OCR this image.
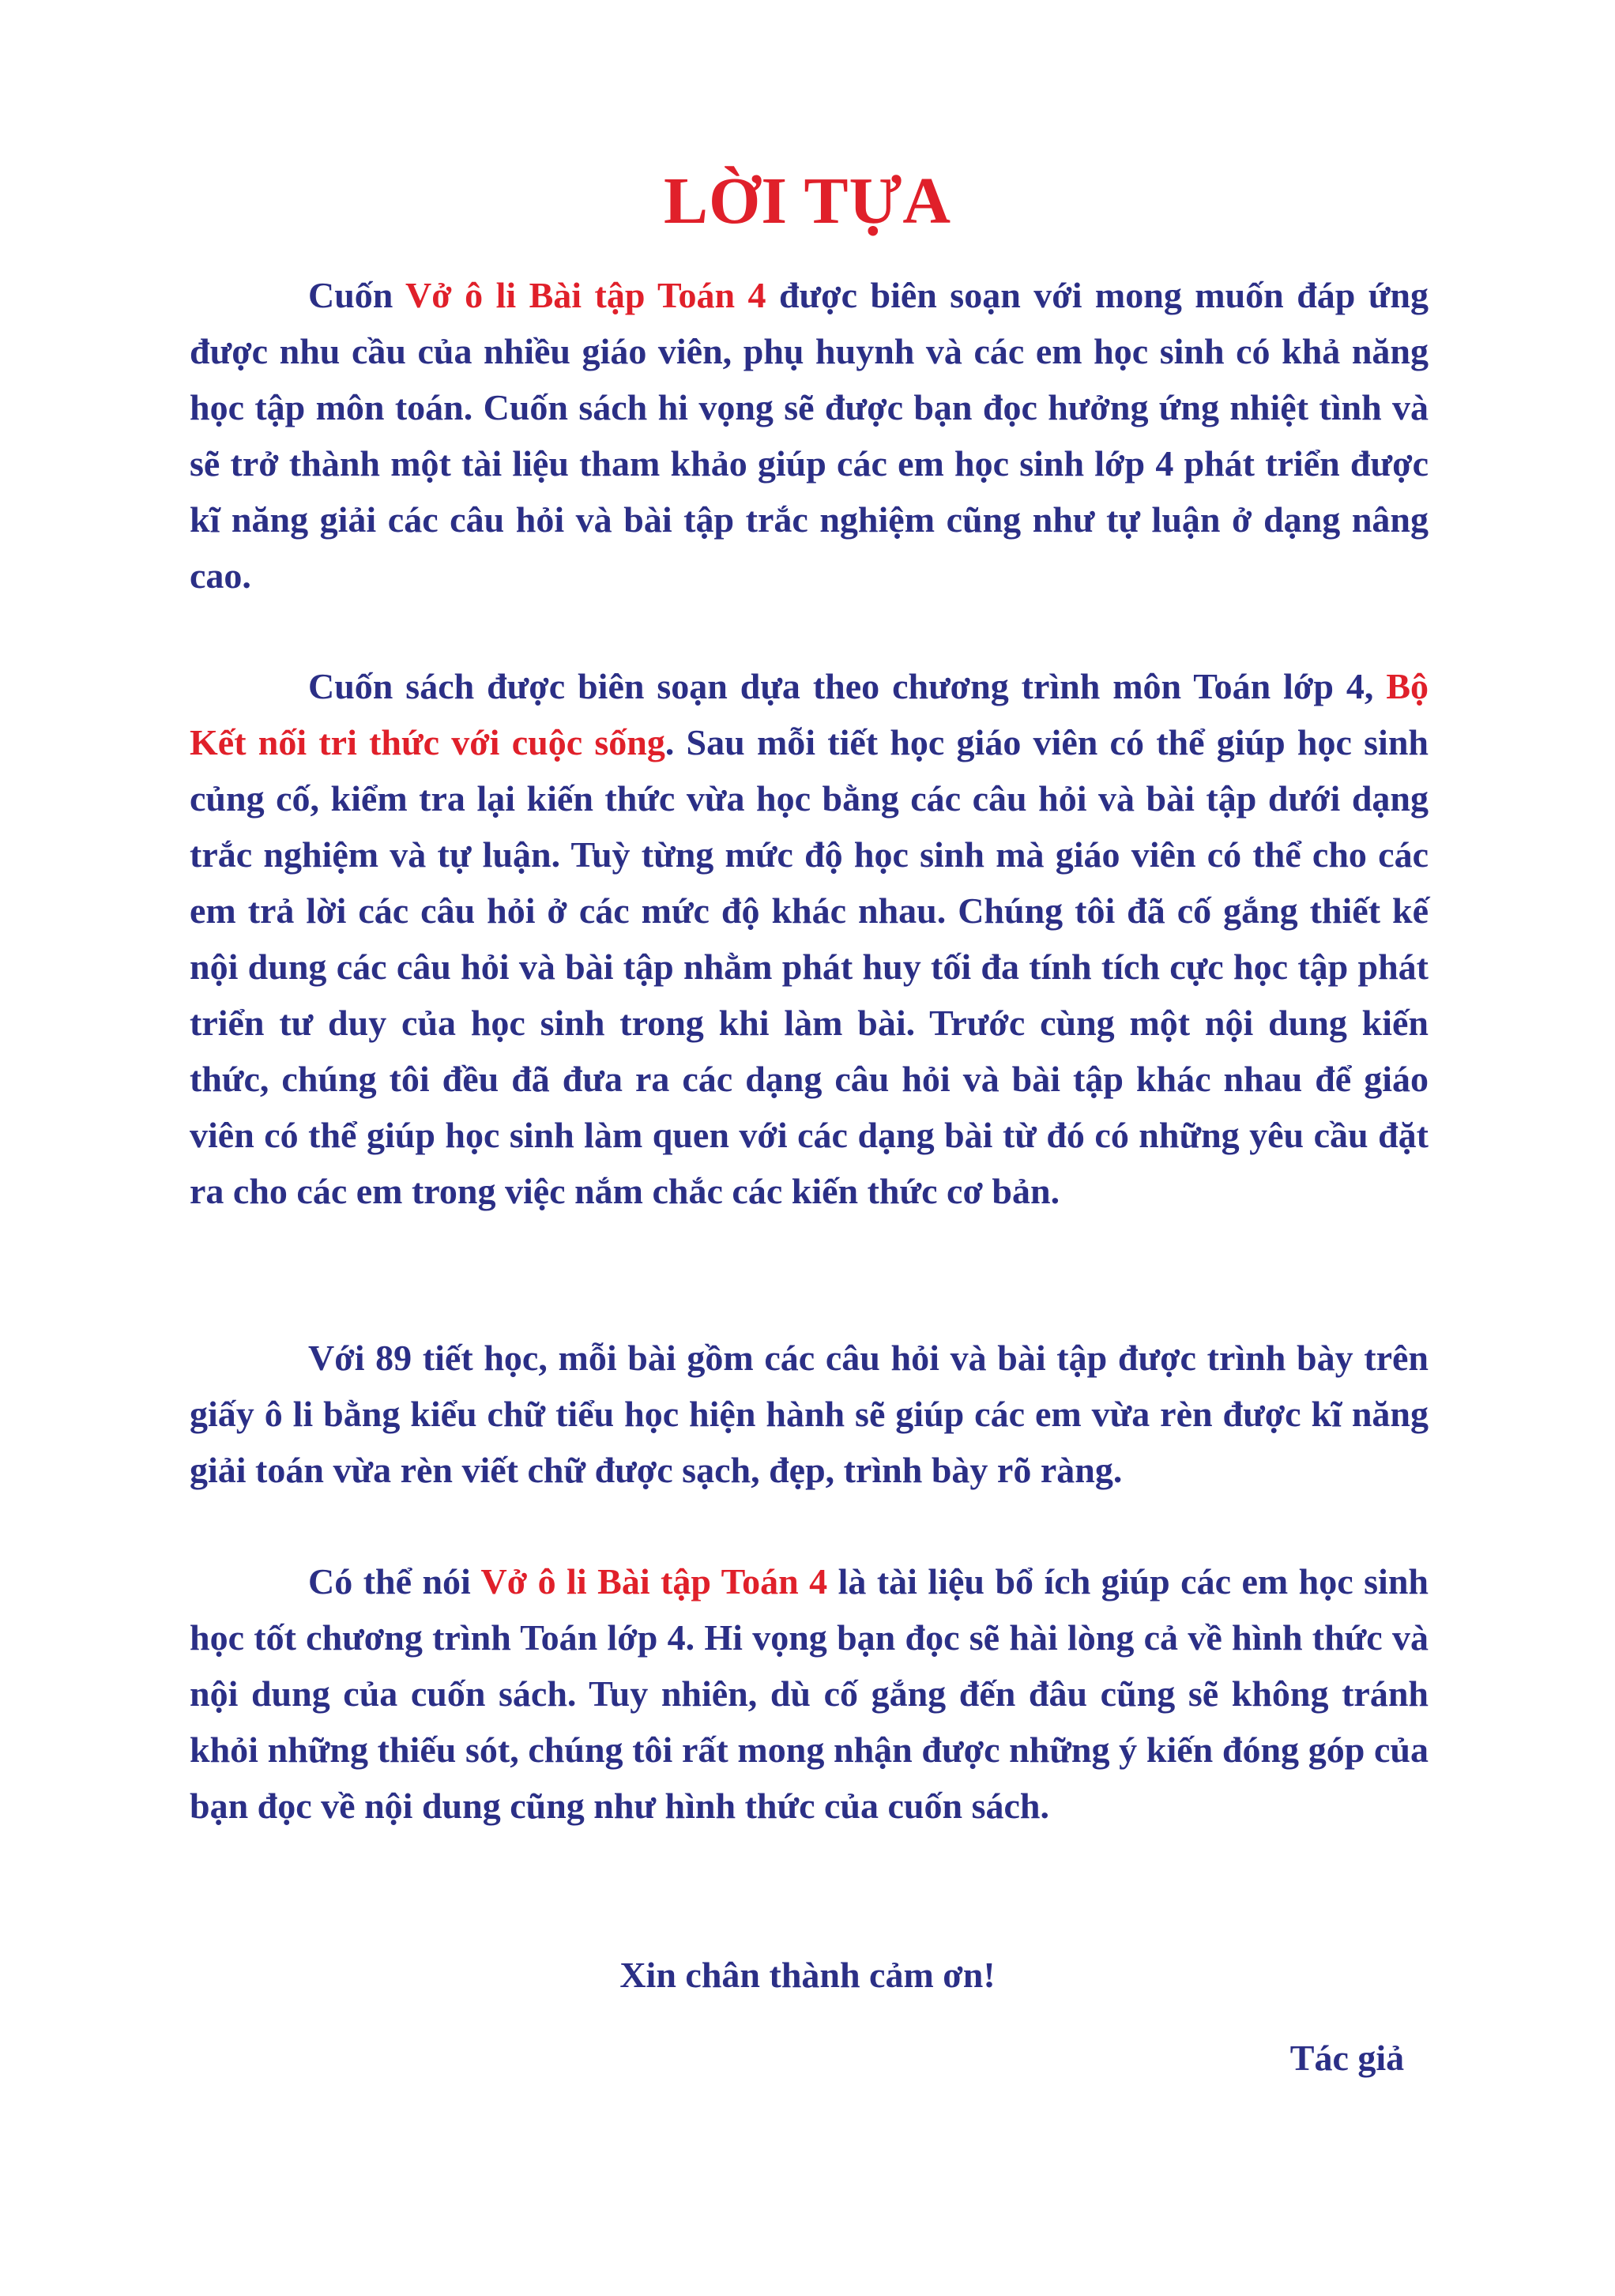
LỜI TỰA

Cuốn Vở ô li Bài tập Toán 4 được biên soạn với mong muốn đáp ứng được nhu cầu của nhiều giáo viên, phụ huynh và các em học sinh có khả năng học tập môn toán. Cuốn sách hi vọng sẽ được bạn đọc hưởng ứng nhiệt tình và sẽ trở thành một tài liệu tham khảo giúp các em học sinh lớp 4 phát triển được kĩ năng giải các câu hỏi và bài tập trắc nghiệm cũng như tự luận ở dạng nâng cao.

Cuốn sách được biên soạn dựa theo chương trình môn Toán lớp 4, Bộ Kết nối tri thức với cuộc sống. Sau mỗi tiết học giáo viên có thể giúp học sinh củng cố, kiểm tra lại kiến thức vừa học bằng các câu hỏi và bài tập dưới dạng trắc nghiệm và tự luận. Tuỳ từng mức độ học sinh mà giáo viên có thể cho các em trả lời các câu hỏi ở các mức độ khác nhau. Chúng tôi đã cố gắng thiết kế nội dung các câu hỏi và bài tập nhằm phát huy tối đa tính tích cực học tập phát triển tư duy của học sinh trong khi làm bài. Trước cùng một nội dung kiến thức, chúng tôi đều đã đưa ra các dạng câu hỏi và bài tập khác nhau để giáo viên có thể giúp học sinh làm quen với các dạng bài từ đó có những yêu cầu đặt ra cho các em trong việc nắm chắc các kiến thức cơ bản.

Với 89 tiết học, mỗi bài gồm các câu hỏi và bài tập được trình bày trên giấy ô li bằng kiểu chữ tiểu học hiện hành sẽ giúp các em vừa rèn được kĩ năng giải toán vừa rèn viết chữ được sạch, đẹp, trình bày rõ ràng.

Có thể nói Vở ô li Bài tập Toán 4 là tài liệu bổ ích giúp các em học sinh học tốt chương trình Toán lớp 4. Hi vọng bạn đọc sẽ hài lòng cả về hình thức và nội dung của cuốn sách. Tuy nhiên, dù cố gắng đến đâu cũng sẽ không tránh khỏi những thiếu sót, chúng tôi rất mong nhận được những ý kiến đóng góp của bạn đọc về nội dung cũng như hình thức của cuốn sách.

Xin chân thành cảm ơn!

Tác giả
